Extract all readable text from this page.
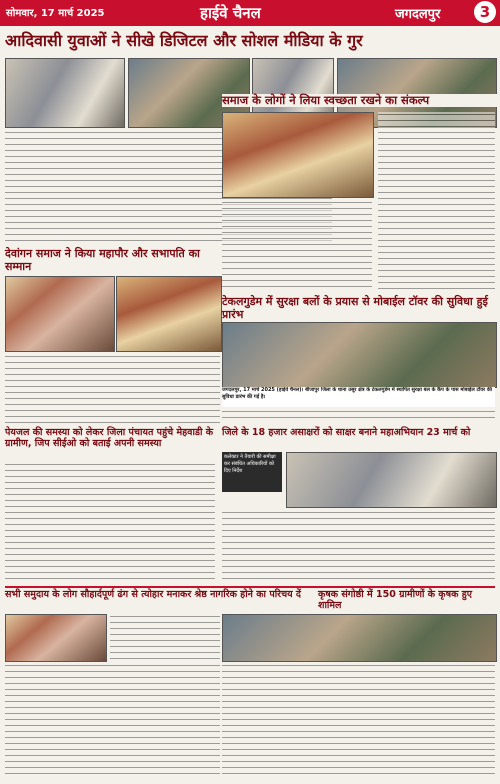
सोमवार, 17 मार्च 2025	हाईवे चैनल	जगदलपुर	3
आदिवासी युवाओं ने सीखे डिजिटल और सोशल मीडिया के गुर
समाज के लोगों ने लिया स्वच्छता रखने का संकल्प
देवांगन समाज ने किया महापौर और सभापति का सम्मान
टेकलगुडेम में सुरक्षा बलों के प्रयास से मोबाईल टॉवर की सुविधा हुई प्रारंभ
जगदलपुर, 17 मार्च 2025 (हाईवे चैनल)। बीजापुर जिला के थाना उसूर क्षेत्र के टेकलगुडेम में स्थापित सुरक्षा बल के कैंप के पास मोबाईल टॉवर की सुविधा प्रारंभ की गई है।
पेयजल की समस्या को लेकर जिला पंचायत पहुंचे मेहवाडी के ग्रामीण, जिप सीईओ को बताई अपनी समस्या
जिले के 18 हजार असाक्षरों को साक्षर बनाने महाअभियान 23 मार्च को
कलेक्टर ने तैयारी की समीक्षा कर संबंधित अधिकारियों को दिए निर्देश
सभी समुदाय के लोग सौहार्दपूर्ण ढंग से त्योहार मनाकर श्रेष्ठ नागरिक होने का परिचय दें	कृषक संगोष्ठी में 150 ग्रामीणों के कृषक हुए शामिल
